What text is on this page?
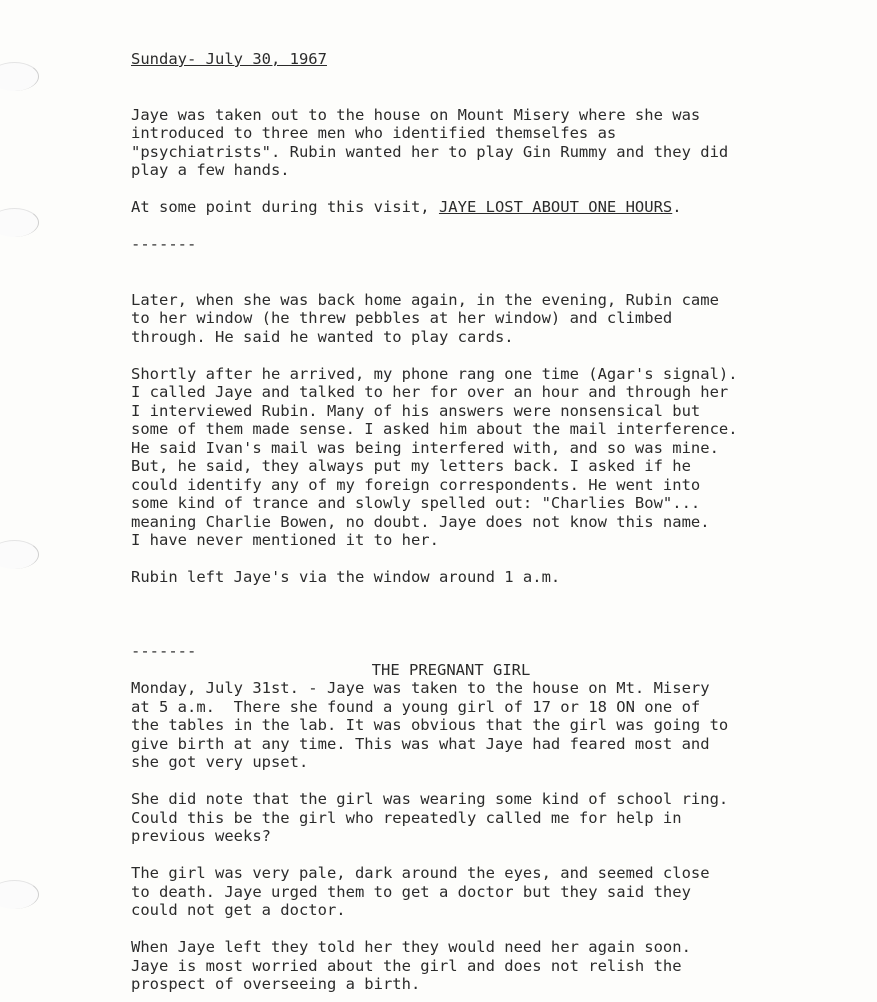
Sunday- July 30, 1967
Jaye was taken out to the house on Mount Misery where she was
introduced to three men who identified themselfes as
"psychiatrists". Rubin wanted her to play Gin Rummy and they did
play a few hands.
At some point during this visit, JAYE LOST ABOUT ONE HOURS.
-------
Later, when she was back home again, in the evening, Rubin came
to her window (he threw pebbles at her window) and climbed
through. He said he wanted to play cards.
Shortly after he arrived, my phone rang one time (Agar's signal).
I called Jaye and talked to her for over an hour and through her
I interviewed Rubin. Many of his answers were nonsensical but
some of them made sense. I asked him about the mail interference.
He said Ivan's mail was being interfered with, and so was mine.
But, he said, they always put my letters back. I asked if he
could identify any of my foreign correspondents. He went into
some kind of trance and slowly spelled out: "Charlies Bow"...
meaning Charlie Bowen, no doubt. Jaye does not know this name.
I have never mentioned it to her.
Rubin left Jaye's via the window around 1 a.m.
-------
THE PREGNANT GIRL
Monday, July 31st. - Jaye was taken to the house on Mt. Misery
at 5 a.m.  There she found a young girl of 17 or 18 ON one of
the tables in the lab. It was obvious that the girl was going to
give birth at any time. This was what Jaye had feared most and
she got very upset.
She did note that the girl was wearing some kind of school ring.
Could this be the girl who repeatedly called me for help in
previous weeks?
The girl was very pale, dark around the eyes, and seemed close
to death. Jaye urged them to get a doctor but they said they
could not get a doctor.
When Jaye left they told her they would need her again soon.
Jaye is most worried about the girl and does not relish the
prospect of overseeing a birth.
